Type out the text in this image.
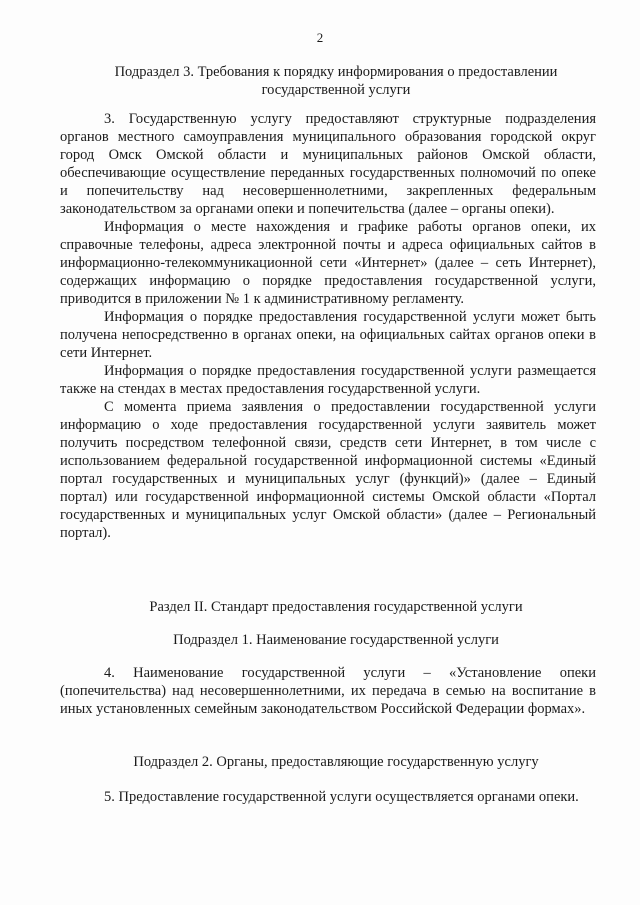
2
Подраздел 3. Требования к порядку информирования о предоставлении
государственной услуги

3. Государственную услугу предоставляют структурные подразделения органов местного самоуправления муниципального образования городской округ город Омск Омской области и муниципальных районов Омской области, обеспечивающие осуществление переданных государственных полномочий по опеке и попечительству над несовершеннолетними, закрепленных федеральным законодательством за органами опеки и попечительства (далее – органы опеки).

Информация о месте нахождения и графике работы органов опеки, их справочные телефоны, адреса электронной почты и адреса официальных сайтов в информационно-телекоммуникационной сети «Интернет» (далее – сеть Интернет), содержащих информацию о порядке предоставления государственной услуги, приводится в приложении № 1 к административному регламенту.

Информация о порядке предоставления государственной услуги может быть получена непосредственно в органах опеки, на официальных сайтах органов опеки в сети Интернет.

Информация о порядке предоставления государственной услуги размещается также на стендах в местах предоставления государственной услуги.

С момента приема заявления о предоставлении государственной услуги информацию о ходе предоставления государственной услуги заявитель может получить посредством телефонной связи, средств сети Интернет, в том числе с использованием федеральной государственной информационной системы «Единый портал государственных и муниципальных услуг (функций)» (далее – Единый портал) или государственной информационной системы Омской области «Портал государственных и муниципальных услуг Омской области» (далее – Региональный портал).

Раздел II. Стандарт предоставления государственной услуги
Подраздел 1. Наименование государственной услуги

4. Наименование государственной услуги – «Установление опеки (попечительства) над несовершеннолетними, их передача в семью на воспитание в иных установленных семейным законодательством Российской Федерации формах».

Подраздел 2. Органы, предоставляющие государственную услугу

5. Предоставление государственной услуги осуществляется органами опеки.
